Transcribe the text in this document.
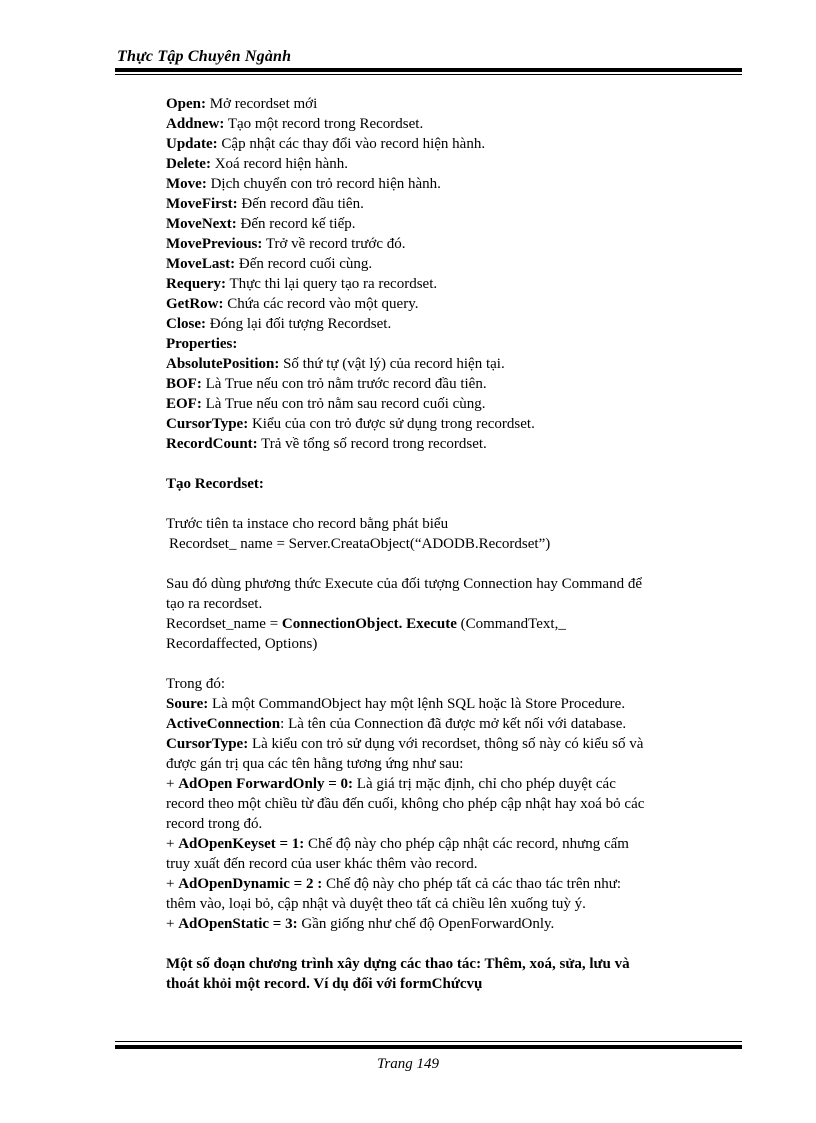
Thực Tập Chuyên Ngành
Open: Mở recordset mới
Addnew: Tạo một record trong Recordset.
Update: Cập nhật các thay đổi vào record hiện hành.
Delete: Xoá record hiện hành.
Move: Dịch chuyển con trỏ record hiện hành.
MoveFirst: Đến record đầu tiên.
MoveNext: Đến record kế tiếp.
MovePrevious: Trở về record trước đó.
MoveLast: Đến record cuối cùng.
Requery: Thực thi lại query tạo ra recordset.
GetRow: Chứa các record vào một query.
Close: Đóng lại đối tượng Recordset.
Properties:
AbsolutePosition: Số thứ tự (vật lý) của record hiện tại.
BOF: Là True nếu con trỏ nằm trước record đầu tiên.
EOF: Là True nếu con trỏ nằm sau record cuối cùng.
CursorType: Kiểu của con trỏ được sử dụng trong recordset.
RecordCount: Trả về tổng số record trong recordset.
Tạo Recordset:
Trước tiên ta instace cho record bằng phát biểu
Recordset_ name = Server.CreataObject(“ADODB.Recordset”)
Sau đó dùng phương thức Execute của đối tượng Connection hay Command để
tạo ra recordset.
Recordset_name = ConnectionObject. Execute (CommandText,_
Recordaffected, Options)
Trong đó:
Soure: Là một CommandObject hay một lệnh SQL hoặc là Store Procedure.
ActiveConnection: Là tên của Connection đã được mở kết nối với database.
CursorType: Là kiểu con trỏ sử dụng với recordset, thông số này có kiểu số và
được gán trị qua các tên hằng tương ứng như sau:
+ AdOpen ForwardOnly = 0: Là giá trị mặc định, chỉ cho phép duyệt các
record theo một chiều từ đầu đến cuối, không cho phép cập nhật hay xoá bỏ các
record trong đó.
+ AdOpenKeyset = 1: Chế độ này cho phép cập nhật các record, nhưng cấm
truy xuất đến record của user khác thêm vào record.
+ AdOpenDynamic = 2 : Chế độ này cho phép tất cả các thao tác trên như:
thêm vào, loại bỏ, cập nhật và duyệt theo tất cả chiều lên xuống tuỳ ý.
+ AdOpenStatic = 3: Gần giống như chế độ OpenForwardOnly.
Một số đoạn chương trình xây dựng các thao tác: Thêm, xoá, sửa, lưu và
thoát khỏi một record. Ví dụ đối với formChứcvụ
Trang 149
